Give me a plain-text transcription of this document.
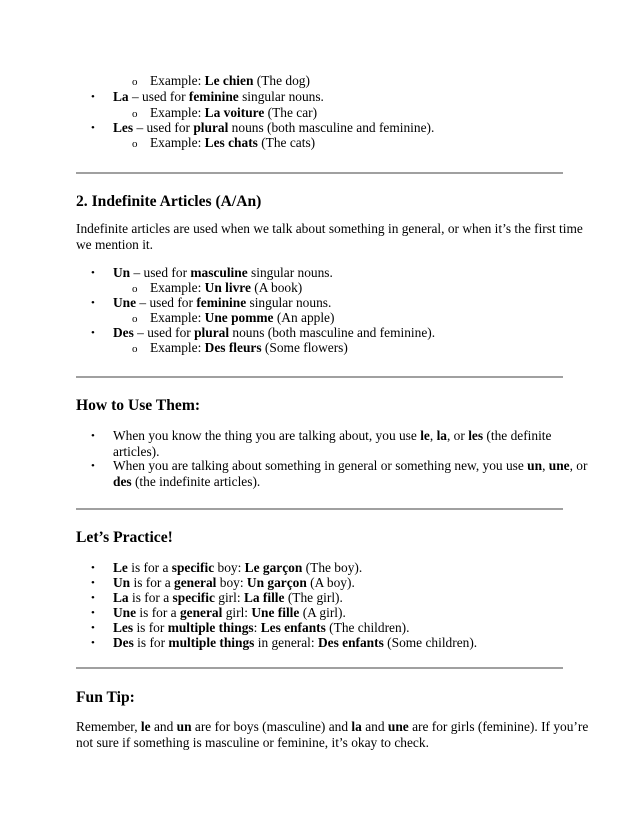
o Example: Le chien (The dog)
• La – used for feminine singular nouns.
o Example: La voiture (The car)
• Les – used for plural nouns (both masculine and feminine).
o Example: Les chats (The cats)
2. Indefinite Articles (A/An)
Indefinite articles are used when we talk about something in general, or when it’s the first time
we mention it.
• Un – used for masculine singular nouns.
o Example: Un livre (A book)
• Une – used for feminine singular nouns.
o Example: Une pomme (An apple)
• Des – used for plural nouns (both masculine and feminine).
o Example: Des fleurs (Some flowers)
How to Use Them:
• When you know the thing you are talking about, you use le, la, or les (the definite
articles).
• When you are talking about something in general or something new, you use un, une, or
des (the indefinite articles).
Let’s Practice!
• Le is for a specific boy: Le garçon (The boy).
• Un is for a general boy: Un garçon (A boy).
• La is for a specific girl: La fille (The girl).
• Une is for a general girl: Une fille (A girl).
• Les is for multiple things: Les enfants (The children).
• Des is for multiple things in general: Des enfants (Some children).
Fun Tip:
Remember, le and un are for boys (masculine) and la and une are for girls (feminine). If you’re
not sure if something is masculine or feminine, it’s okay to check.
